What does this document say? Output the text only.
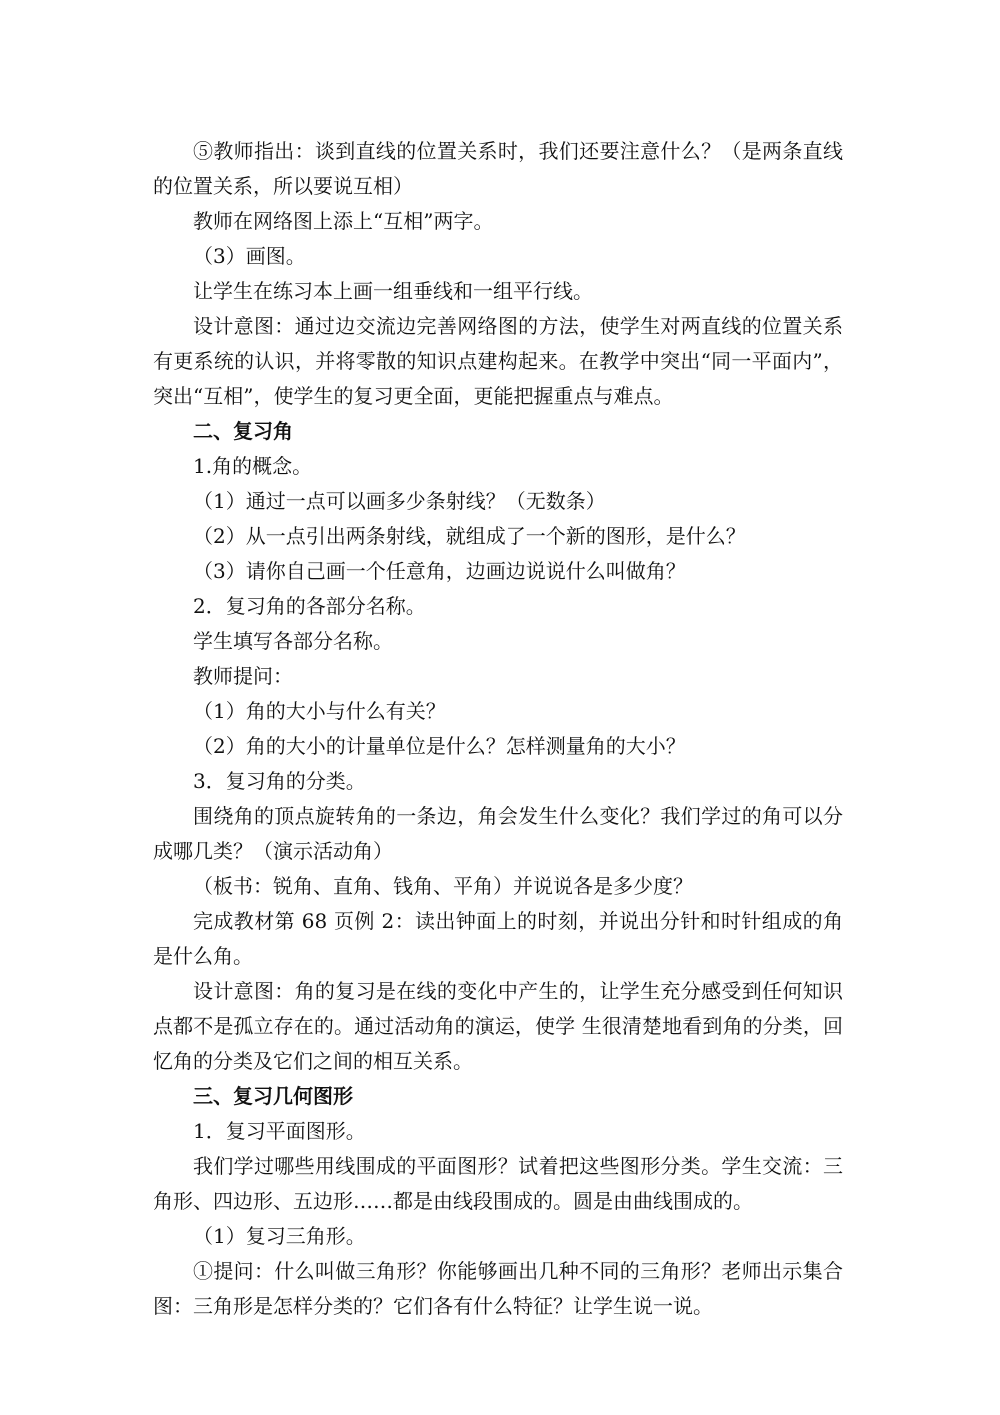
⑤教师指出：谈到直线的位置关系时，我们还要注意什么？（是两条直线的位置关系，所以要说互相）

教师在网络图上添上“互相”两字。

（3）画图。

让学生在练习本上画一组垂线和一组平行线。

设计意图：通过边交流边完善网络图的方法，使学生对两直线的位置关系有更系统的认识，并将零散的知识点建构起来。在教学中突出“同一平面内”，突出“互相”，使学生的复习更全面，更能把握重点与难点。

二、复习角

1.角的概念。

（1）通过一点可以画多少条射线？（无数条）

（2）从一点引出两条射线，就组成了一个新的图形，是什么？

（3）请你自己画一个任意角，边画边说说什么叫做角？

2．复习角的各部分名称。

学生填写各部分名称。

教师提问：

（1）角的大小与什么有关？

（2）角的大小的计量单位是什么？怎样测量角的大小？

3．复习角的分类。

围绕角的顶点旋转角的一条边，角会发生什么变化？我们学过的角可以分成哪几类？（演示活动角）

（板书：锐角、直角、钱角、平角）并说说各是多少度？

完成教材第 68 页例 2：读出钟面上的时刻，并说出分针和时针组成的角是什么角。

设计意图：角的复习是在线的变化中产生的，让学生充分感受到任何知识点都不是孤立存在的。通过活动角的演运，使学 生很清楚地看到角的分类，回忆角的分类及它们之间的相互关系。

三、复习几何图形

1．复习平面图形。

我们学过哪些用线围成的平面图形？试着把这些图形分类。学生交流：三角形、四边形、五边形……都是由线段围成的。圆是由曲线围成的。

（1）复习三角形。

①提问：什么叫做三角形？你能够画出几种不同的三角形？老师出示集合图：三角形是怎样分类的？它们各有什么特征？让学生说一说。
